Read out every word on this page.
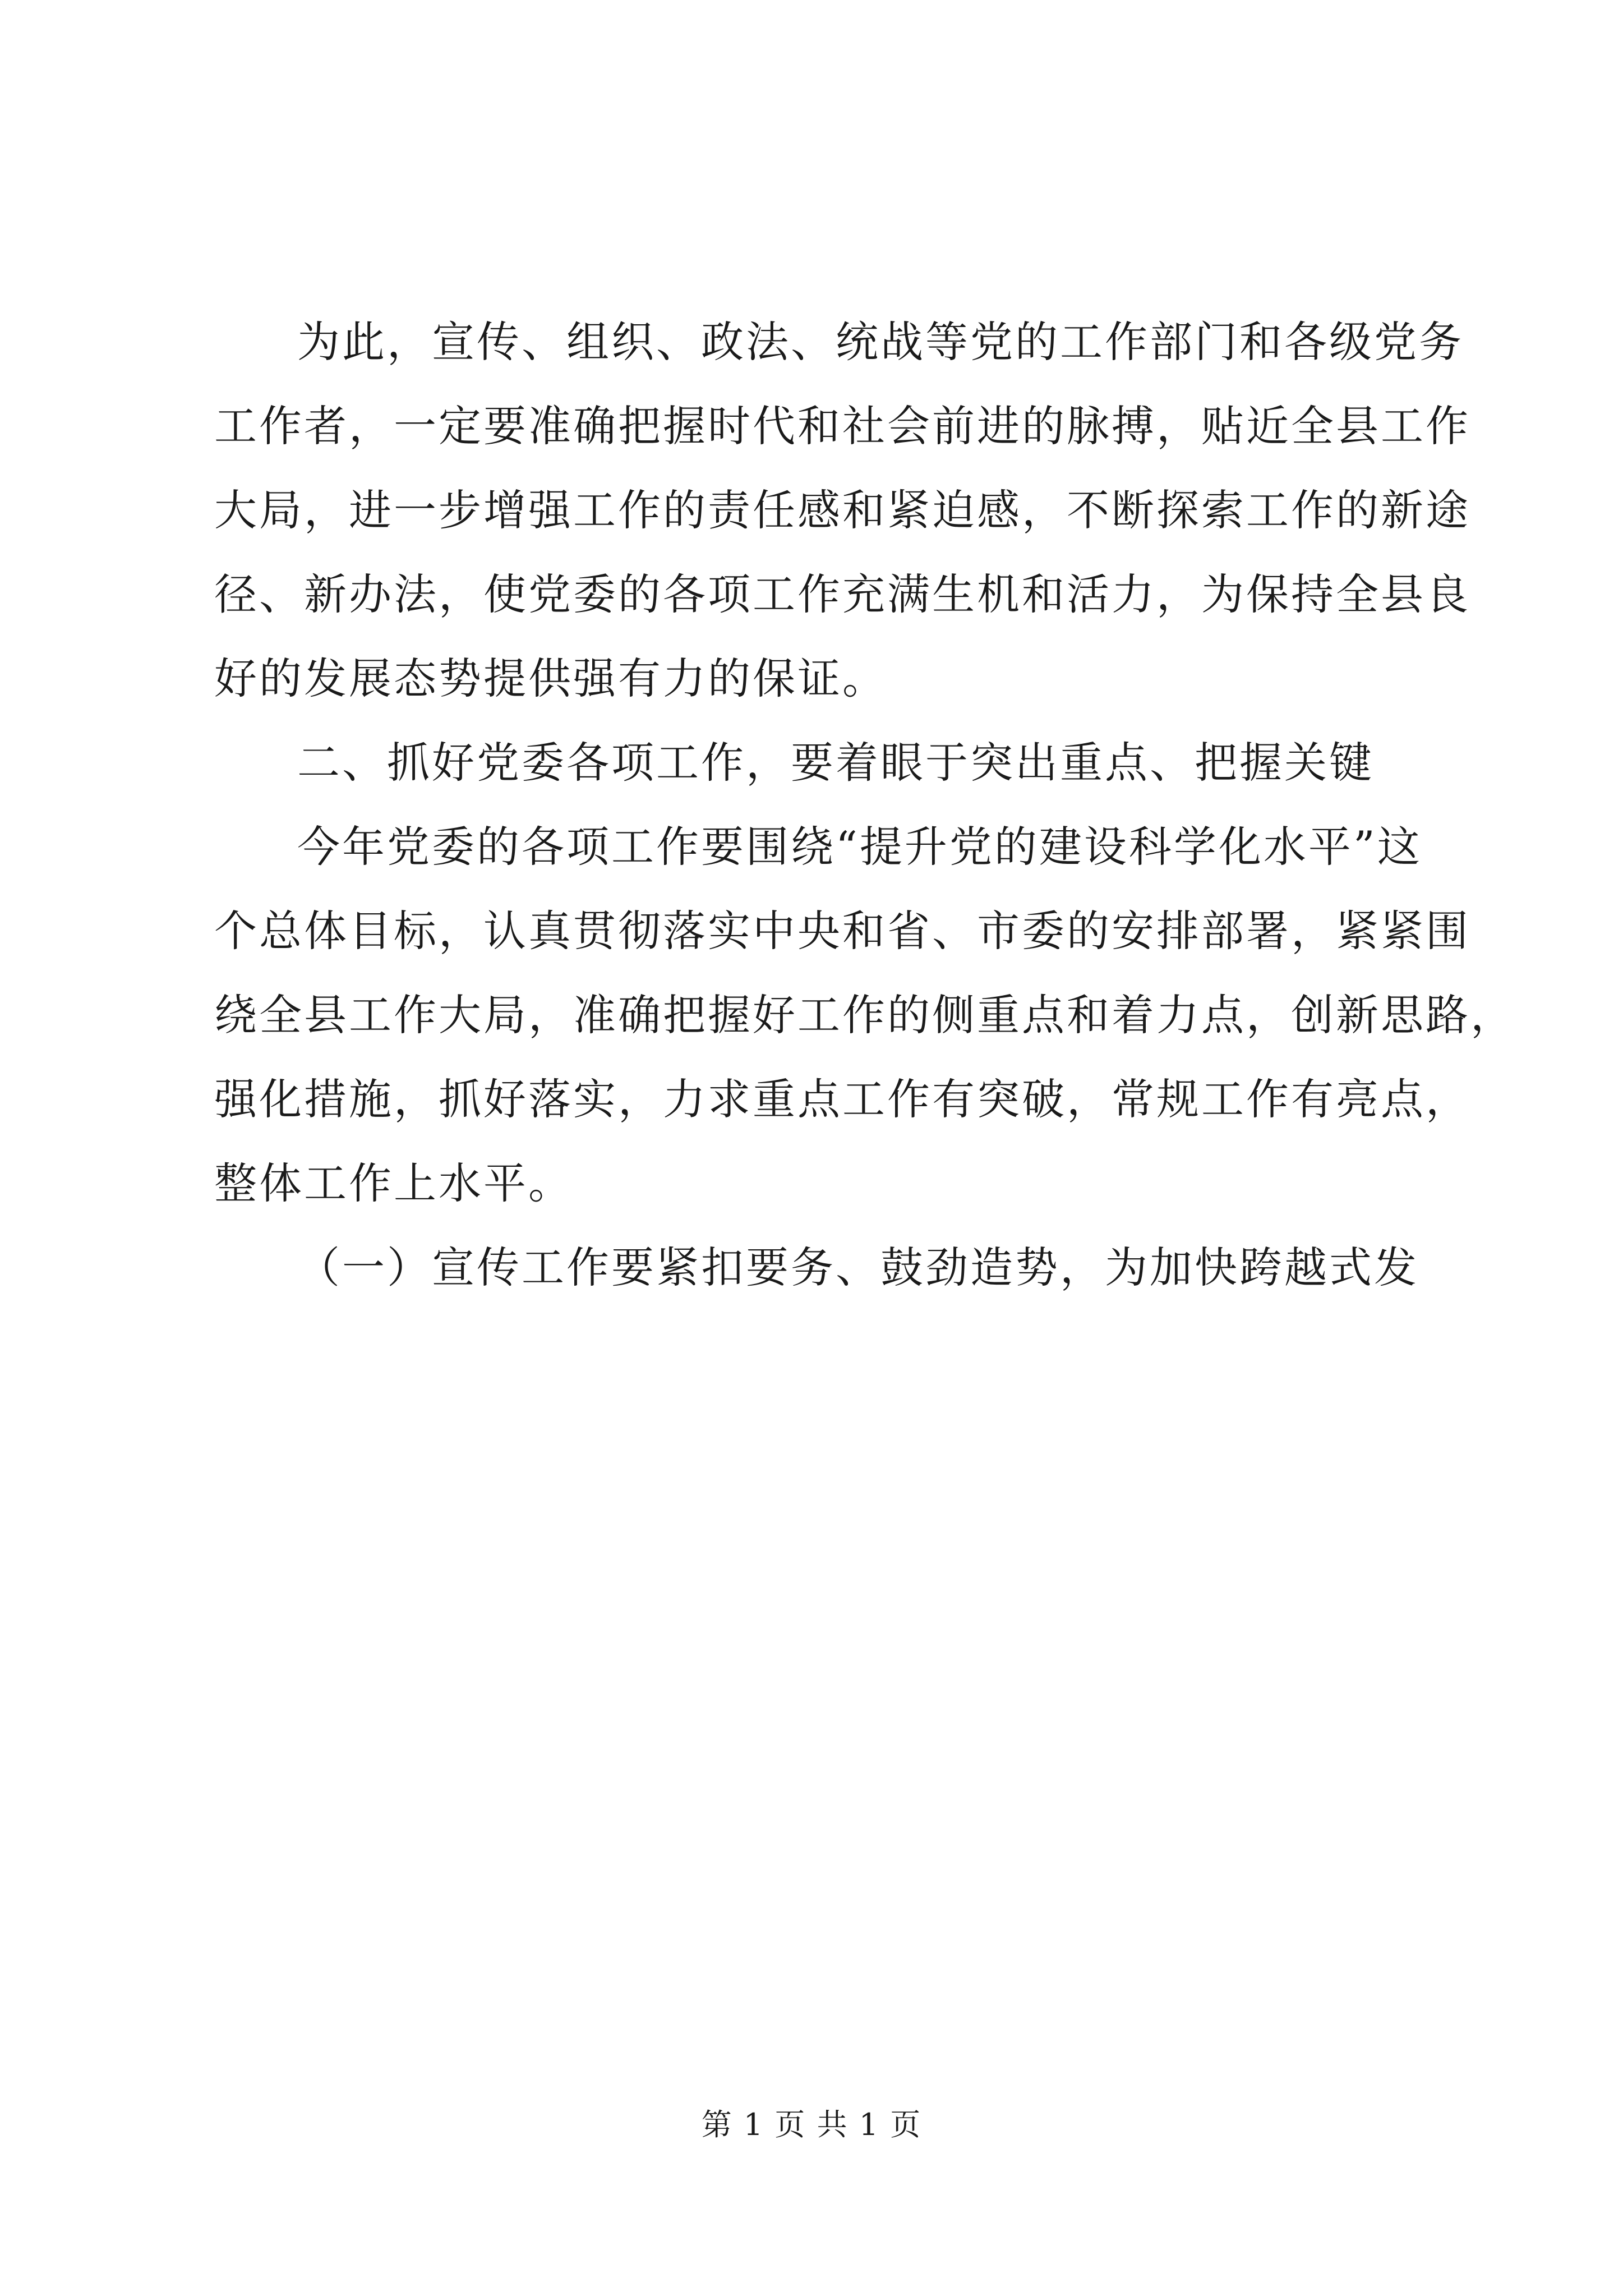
为此，宣传、组织、政法、统战等党的工作部门和各级党务
工作者，一定要准确把握时代和社会前进的脉搏，贴近全县工作
大局，进一步增强工作的责任感和紧迫感，不断探索工作的新途
径、新办法，使党委的各项工作充满生机和活力，为保持全县良
好的发展态势提供强有力的保证。
二、抓好党委各项工作，要着眼于突出重点、把握关键
今年党委的各项工作要围绕“提升党的建设科学化水平”这
个总体目标，认真贯彻落实中央和省、市委的安排部署，紧紧围
绕全县工作大局，准确把握好工作的侧重点和着力点，创新思路，
强化措施，抓好落实，力求重点工作有突破，常规工作有亮点，
整体工作上水平。
（一）宣传工作要紧扣要务、鼓劲造势，为加快跨越式发
第 1 页 共 1 页
